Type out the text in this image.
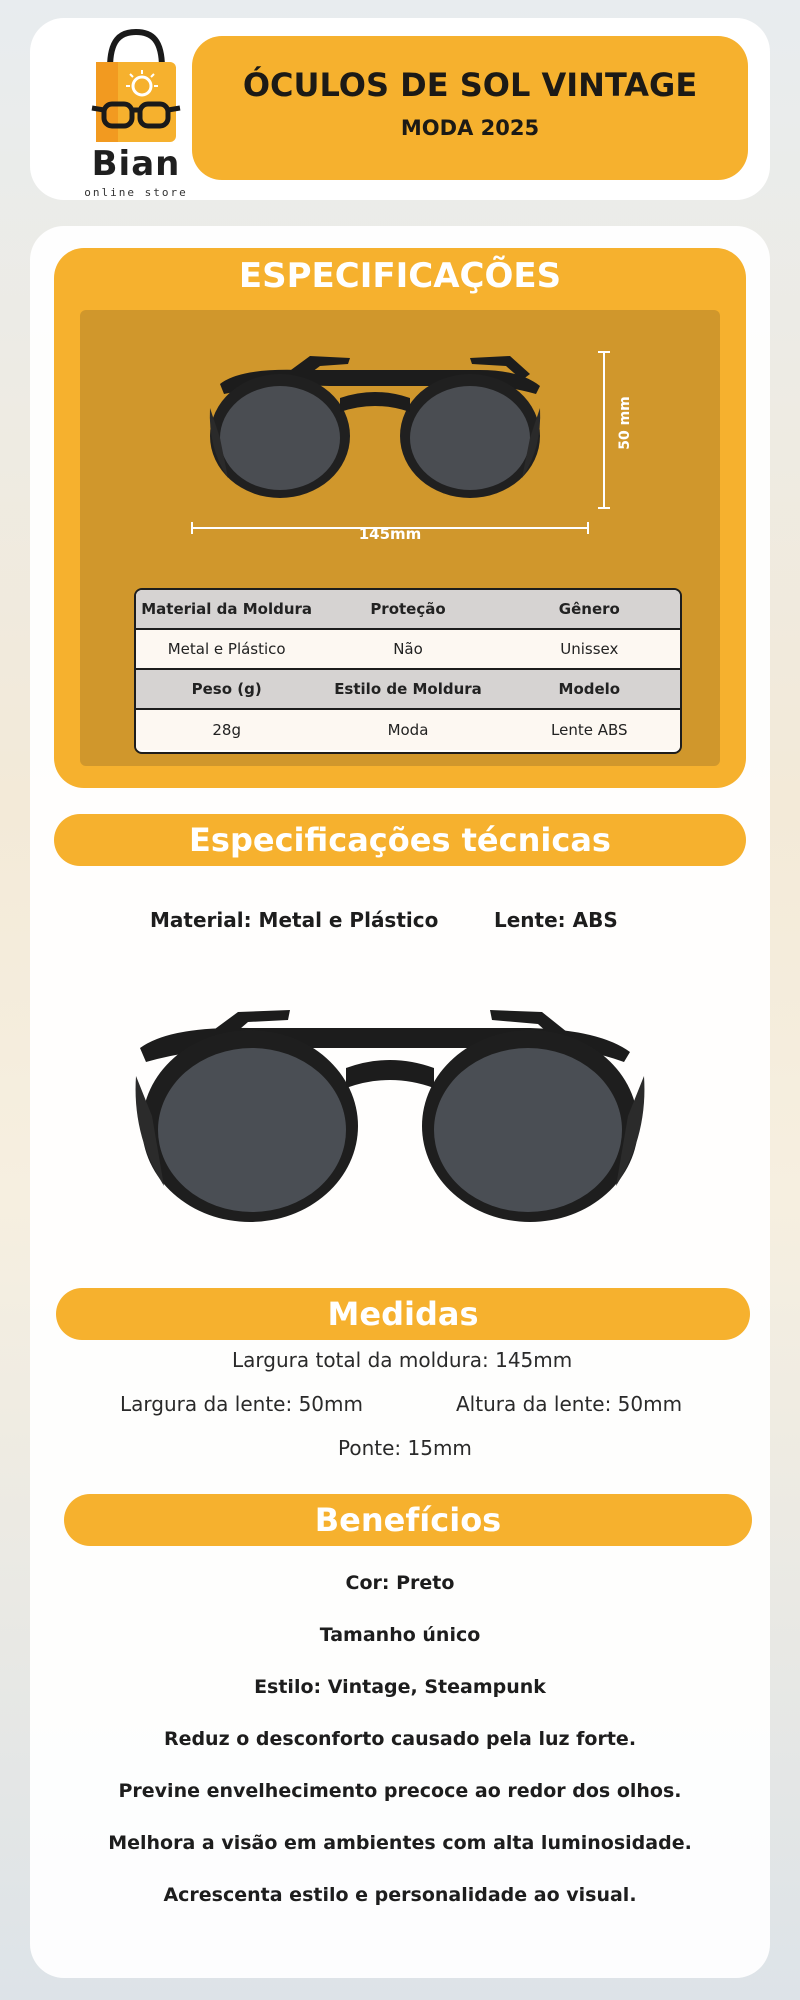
Bian
online store
ÓCULOS DE SOL VINTAGE
MODA 2025
ESPECIFICAÇÕES
145mm
50 mm
Material da Moldura	Proteção	Gênero
Metal e Plástico	Não	Unissex
Peso (g)	Estilo de Moldura	Modelo
28g	Moda	Lente ABS
Especificações técnicas
Material: Metal e Plástico	Lente: ABS
Medidas
Largura total da moldura: 145mm
Largura da lente: 50mm	Altura da lente: 50mm
Ponte: 15mm
Benefícios
Cor: Preto
Tamanho único
Estilo: Vintage, Steampunk
Reduz o desconforto causado pela luz forte.
Previne envelhecimento precoce ao redor dos olhos.
Melhora a visão em ambientes com alta luminosidade.
Acrescenta estilo e personalidade ao visual.
